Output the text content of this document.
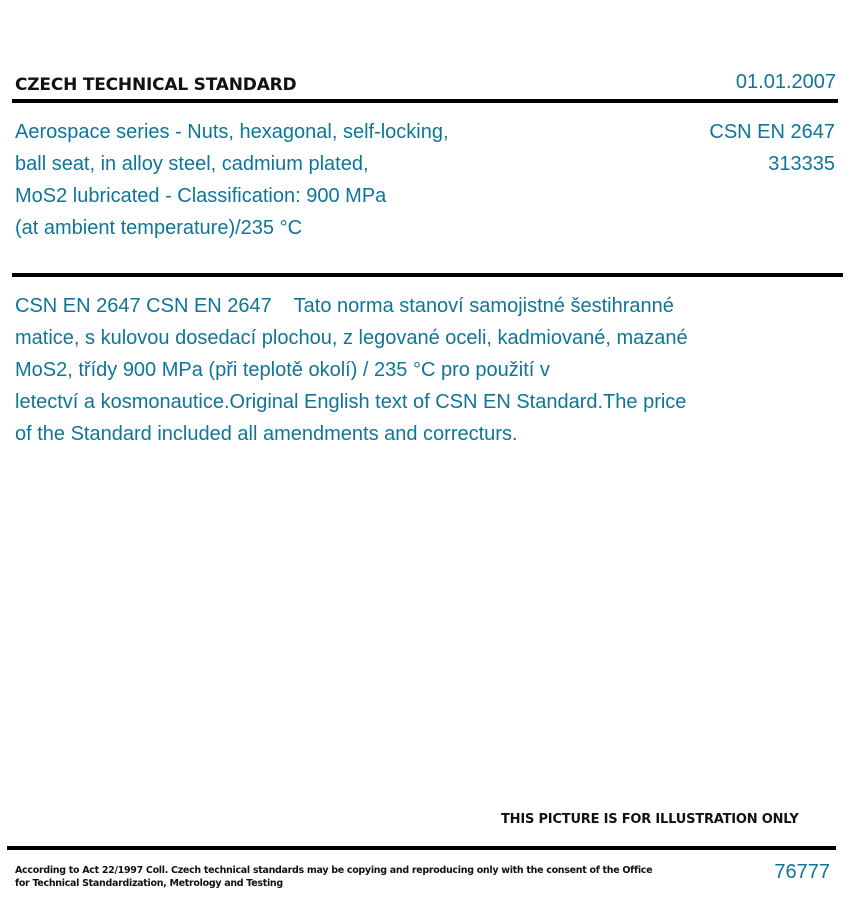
CZECH TECHNICAL STANDARD	01.01.2007
Aerospace series - Nuts, hexagonal, self-locking,
ball seat, in alloy steel, cadmium plated,
MoS2 lubricated - Classification: 900 MPa
(at ambient temperature)/235 °C
CSN EN 2647
313335
CSN EN 2647 CSN EN 2647    Tato norma stanoví samojistné šestihranné
matice, s kulovou dosedací plochou, z legované oceli, kadmiované, mazané
MoS2, třídy 900 MPa (při teplotě okolí) / 235 °C pro použití v
letectví a kosmonautice.Original English text of CSN EN Standard.The price
of the Standard included all amendments and correcturs.
THIS PICTURE IS FOR ILLUSTRATION ONLY
According to Act 22/1997 Coll. Czech technical standards may be copying and reproducing only with the consent of the Office
for Technical Standardization, Metrology and Testing
76777
